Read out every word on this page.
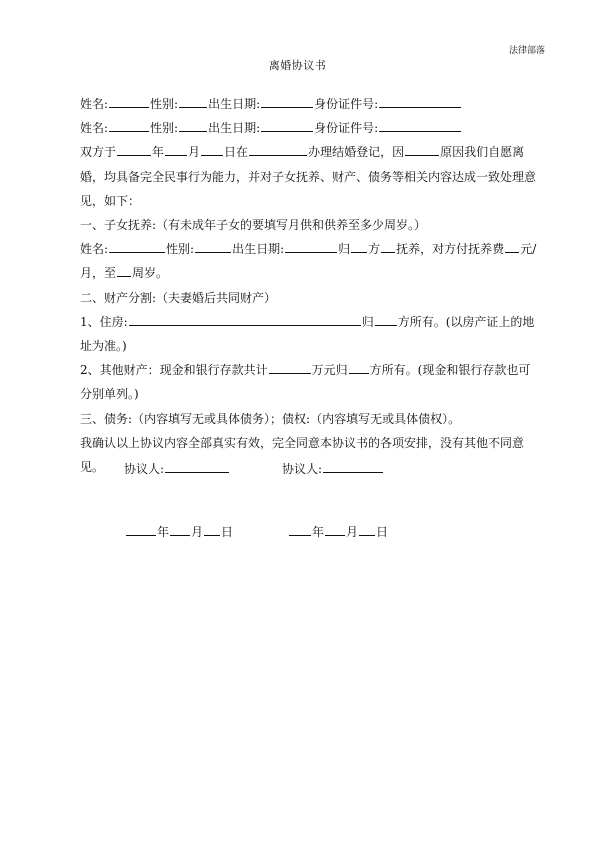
法律部落
离婚协议书

姓名:	性别:	出生日期:	身份证件号:

姓名:	性别:	出生日期:	身份证件号:

双方于	年 月 日在	办理结婚登记，因	原因我们自愿离婚，均具备完全民事行为能力，并对子女抚养、财产、债务等相关内容达成一致处理意见，如下：

一、子女抚养:（有未成年子女的要填写月供和供养至多少周岁。）

姓名:	性别:	出生日期:	归 方 抚养，对方付抚养费 元/月，至 周岁。

二、财产分割:（夫妻婚后共同财产）

1、住房:	归 方所有。(以房产证上的地址为准。)

2、其他财产：现金和银行存款共计	万元归 方所有。(现金和银行存款也可分别单列。)

三、债务:（内容填写无或具体债务）；债权:（内容填写无或具体债权）。

我确认以上协议内容全部真实有效，完全同意本协议书的各项安排，没有其他不同意见。	协议人:	协议人:
年 月 日	年 月 日
